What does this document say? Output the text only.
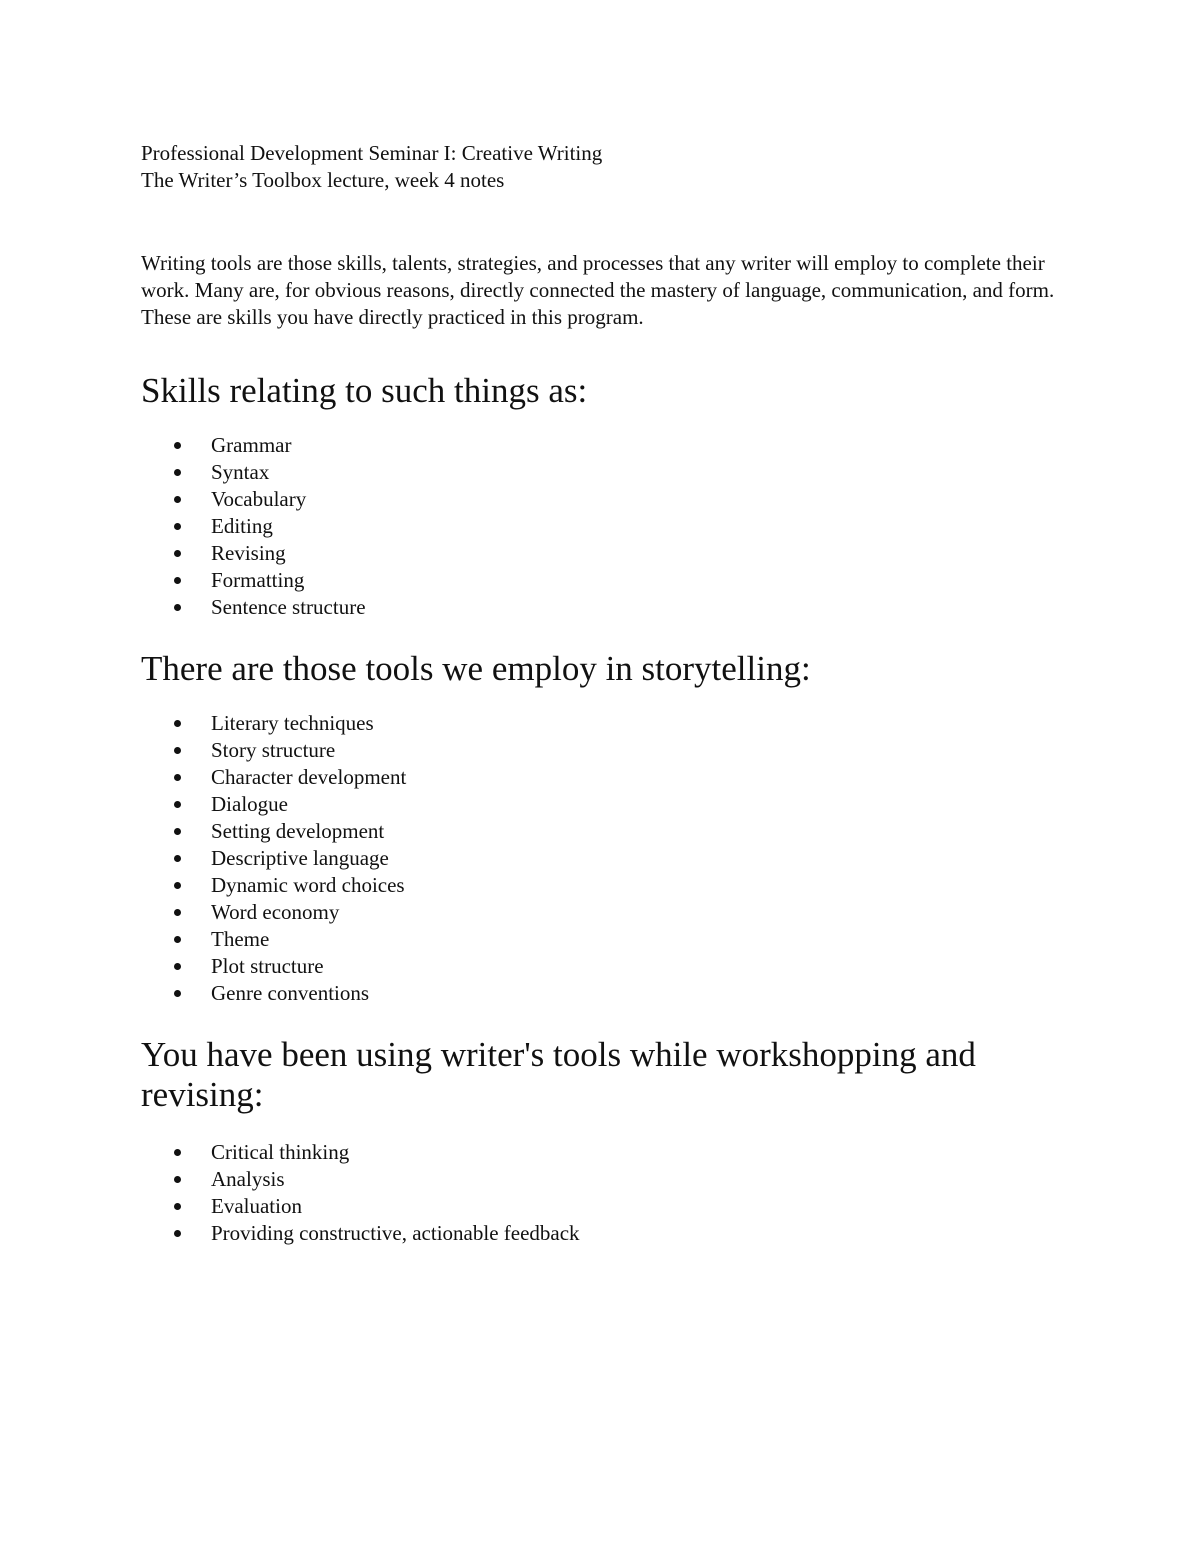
Professional Development Seminar I: Creative Writing

The Writer’s Toolbox lecture, week 4 notes

Writing tools are those skills, talents, strategies, and processes that any writer will employ to complete their work. Many are, for obvious reasons, directly connected the mastery of language, communication, and form. These are skills you have directly practiced in this program.

Skills relating to such things as:
Grammar
Syntax
Vocabulary
Editing
Revising
Formatting
Sentence structure
There are those tools we employ in storytelling:
Literary techniques
Story structure
Character development
Dialogue
Setting development
Descriptive language
Dynamic word choices
Word economy
Theme
Plot structure
Genre conventions
You have been using writer's tools while workshopping and revising:
Critical thinking
Analysis
Evaluation
Providing constructive, actionable feedback
